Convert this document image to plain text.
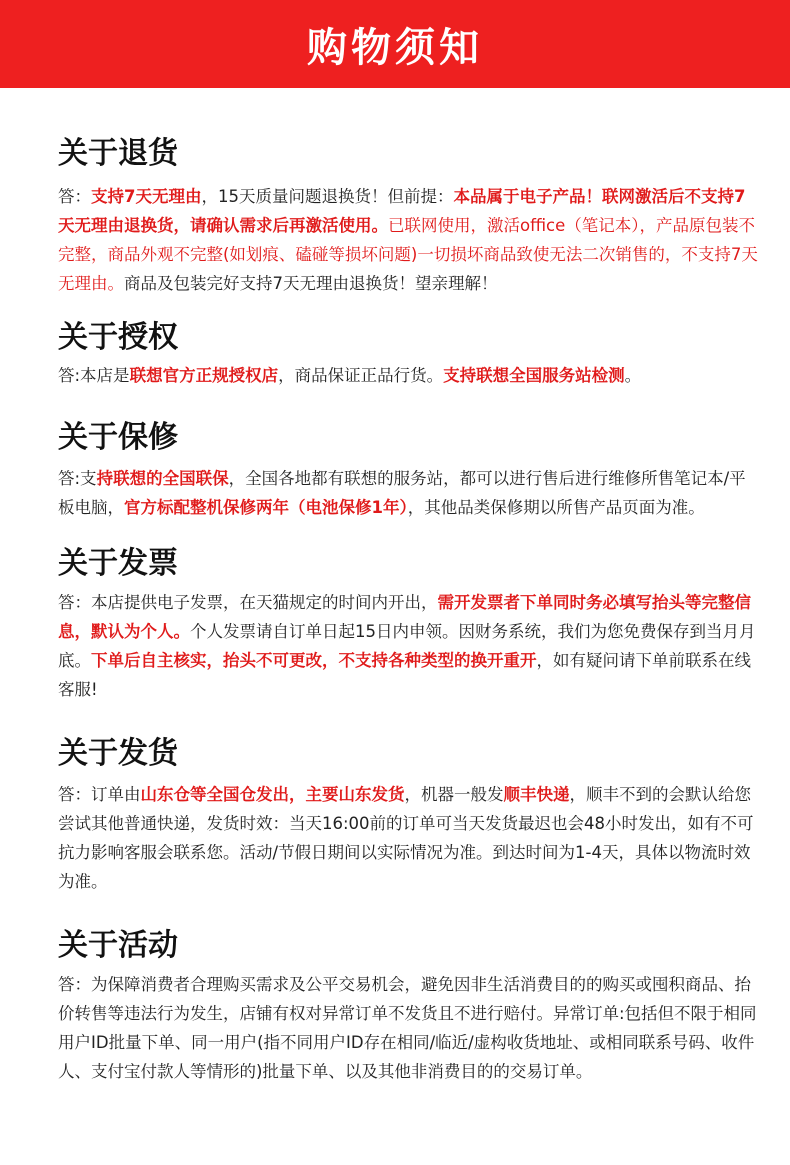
购物须知
关于退货

答：支持7天无理由，15天质量问题退换货！但前提：本品属于电子产品！联网激活后不支持7天无理由退换货，请确认需求后再激活使用。已联网使用，激活office（笔记本），产品原包装不完整，商品外观不完整(如划痕、磕碰等损坏问题)一切损坏商品致使无法二次销售的，不支持7天无理由。商品及包装完好支持7天无理由退换货！望亲理解！

关于授权

答:本店是联想官方正规授权店，商品保证正品行货。支持联想全国服务站检测。

关于保修

答:支持联想的全国联保，全国各地都有联想的服务站，都可以进行售后进行维修所售笔记本/平板电脑，官方标配整机保修两年（电池保修1年），其他品类保修期以所售产品页面为准。

关于发票

答：本店提供电子发票，在天猫规定的时间内开出，需开发票者下单同时务必填写抬头等完整信息，默认为个人。个人发票请自订单日起15日内申领。因财务系统，我们为您免费保存到当月月底。下单后自主核实，抬头不可更改，不支持各种类型的换开重开，如有疑问请下单前联系在线客服!

关于发货

答：订单由山东仓等全国仓发出，主要山东发货，机器一般发顺丰快递，顺丰不到的会默认给您尝试其他普通快递，发货时效：当天16:00前的订单可当天发货最迟也会48小时发出，如有不可抗力影响客服会联系您。活动/节假日期间以实际情况为准。到达时间为1-4天，具体以物流时效为准。

关于活动

答：为保障消费者合理购买需求及公平交易机会，避免因非生活消费目的的购买或囤积商品、抬价转售等违法行为发生，店铺有权对异常订单不发货且不进行赔付。异常订单:包括但不限于相同用户ID批量下单、同一用户(指不同用户ID存在相同/临近/虚构收货地址、或相同联系号码、收件人、支付宝付款人等情形的)批量下单、以及其他非消费目的的交易订单。
